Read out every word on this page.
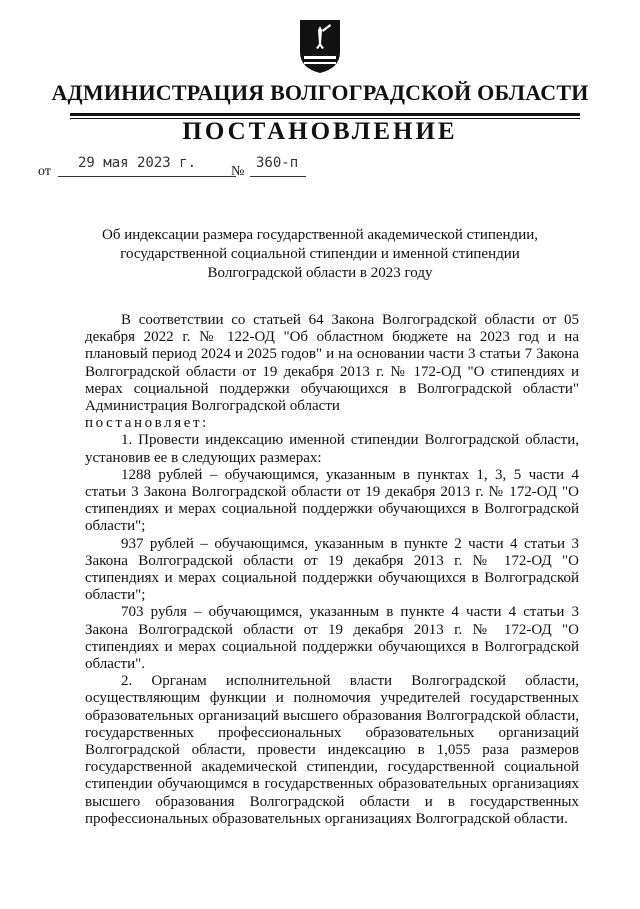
АДМИНИСТРАЦИЯ ВОЛГОГРАДСКОЙ ОБЛАСТИ
ПОСТАНОВЛЕНИЕ
от
29 мая 2023 г.
№
360-п
Об индексации размера государственной академической стипендии,
государственной социальной стипендии и именной стипендии
Волгоградской области в 2023 году

В соответствии со статьей 64 Закона Волгоградской области от 05 декабря 2022 г. № 122-ОД "Об областном бюджете на 2023 год и на плановый период 2024 и 2025 годов" и на основании части 3 статьи 7 Закона Волгоградской области от 19 декабря 2013 г. № 172-ОД "О стипендиях и мерах социальной поддержки обучающихся в Волгоградской области" Администрация Волгоградской области

постановляет:

1. Провести индексацию именной стипендии Волгоградской области, установив ее в следующих размерах:

1288 рублей – обучающимся, указанным в пунктах 1, 3, 5 части 4 статьи 3 Закона Волгоградской области от 19 декабря 2013 г. № 172-ОД "О стипендиях и мерах социальной поддержки обучающихся в Волгоградской области";

937 рублей – обучающимся, указанным в пункте 2 части 4 статьи 3 Закона Волгоградской области от 19 декабря 2013 г. № 172-ОД "О стипендиях и мерах социальной поддержки обучающихся в Волгоградской области";

703 рубля – обучающимся, указанным в пункте 4 части 4 статьи 3 Закона Волгоградской области от 19 декабря 2013 г. № 172-ОД "О стипендиях и мерах социальной поддержки обучающихся в Волгоградской области".

2. Органам исполнительной власти Волгоградской области, осуществляющим функции и полномочия учредителей государственных образовательных организаций высшего образования Волгоградской области, государственных профессиональных образовательных организаций Волгоградской области, провести индексацию в 1,055 раза размеров государственной академической стипендии, государственной социальной стипендии обучающимся в государственных образовательных организациях высшего образования Волгоградской области и в государственных профессиональных образовательных организациях Волгоградской области.
